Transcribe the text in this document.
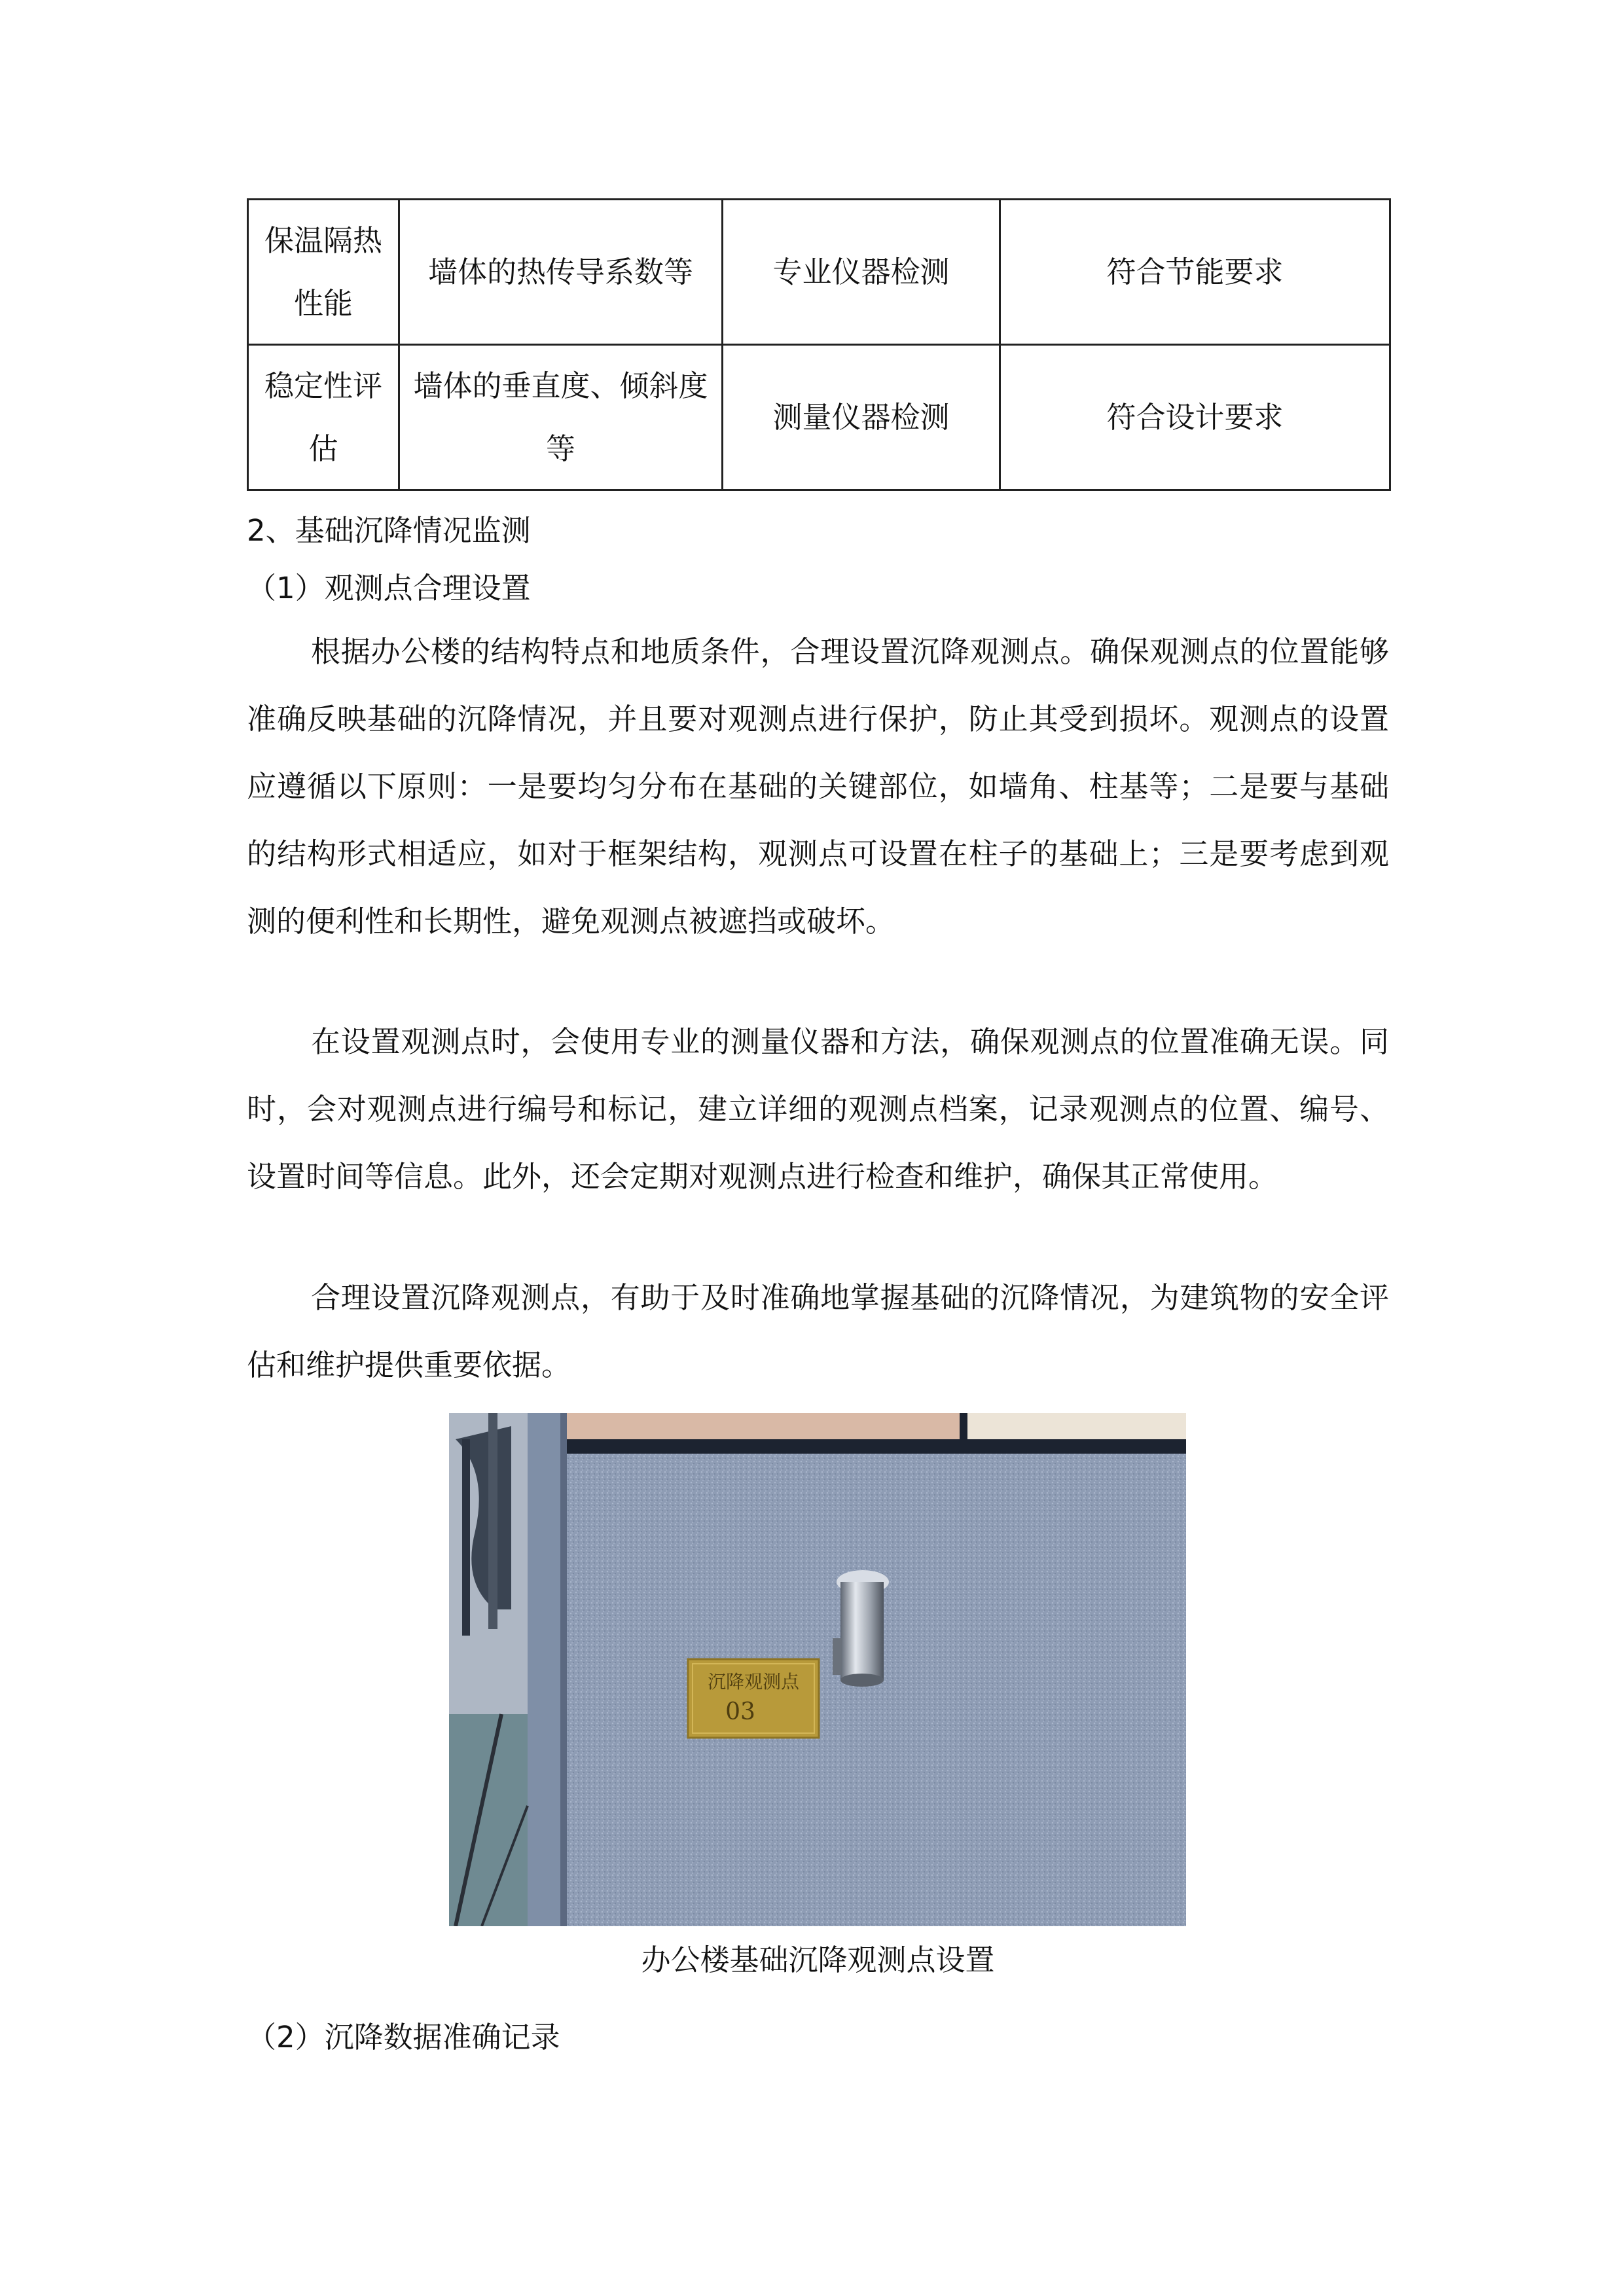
保温隔热性能	墙体的热传导系数等	专业仪器检测	符合节能要求
稳定性评估	墙体的垂直度、倾斜度等	测量仪器检测	符合设计要求
2、基础沉降情况监测
（1）观测点合理设置

根据办公楼的结构特点和地质条件，合理设置沉降观测点。确保观测点的位置能够准确反映基础的沉降情况，并且要对观测点进行保护，防止其受到损坏。观测点的设置应遵循以下原则：一是要均匀分布在基础的关键部位，如墙角、柱基等；二是要与基础的结构形式相适应，如对于框架结构，观测点可设置在柱子的基础上；三是要考虑到观测的便利性和长期性，避免观测点被遮挡或破坏。

在设置观测点时，会使用专业的测量仪器和方法，确保观测点的位置准确无误。同时，会对观测点进行编号和标记，建立详细的观测点档案，记录观测点的位置、编号、设置时间等信息。此外，还会定期对观测点进行检查和维护，确保其正常使用。

合理设置沉降观测点，有助于及时准确地掌握基础的沉降情况，为建筑物的安全评估和维护提供重要依据。

沉降观测点
03
办公楼基础沉降观测点设置
（2）沉降数据准确记录
